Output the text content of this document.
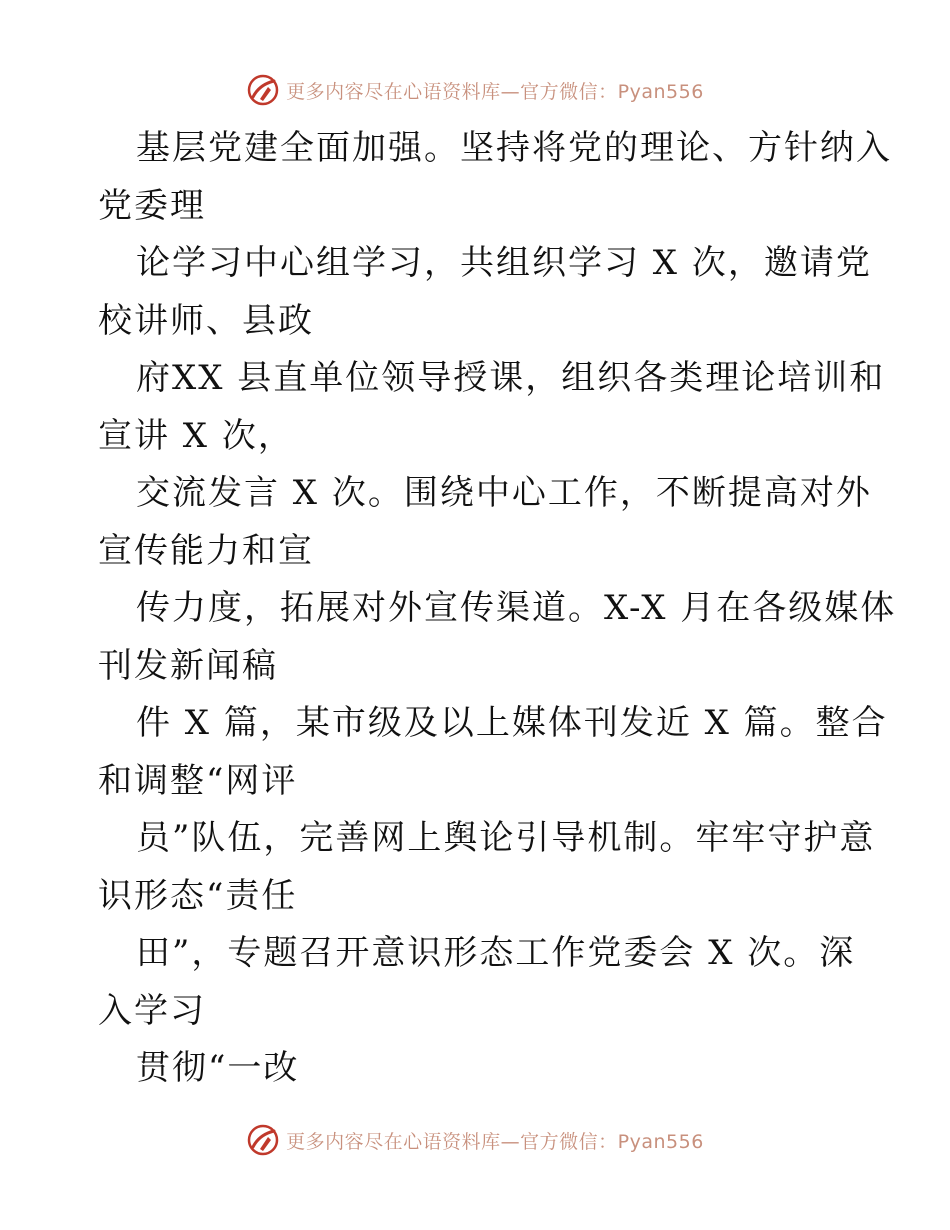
更多内容尽在心语资料库—官方微信：Pyan556
基层党建全面加强。坚持将党的理论、方针纳入
党委理
论学习中心组学习，共组织学习 X 次，邀请党
校讲师、县政
府XX 县直单位领导授课，组织各类理论培训和
宣讲 X 次，
交流发言 X 次。围绕中心工作，不断提高对外
宣传能力和宣
传力度，拓展对外宣传渠道。X-X 月在各级媒体
刊发新闻稿
件 X 篇，某市级及以上媒体刊发近 X 篇。整合
和调整“网评
员”队伍，完善网上舆论引导机制。牢牢守护意
识形态“责任
田”，专题召开意识形态工作党委会 X 次。深
入学习
贯彻“一改
更多内容尽在心语资料库—官方微信：Pyan556
